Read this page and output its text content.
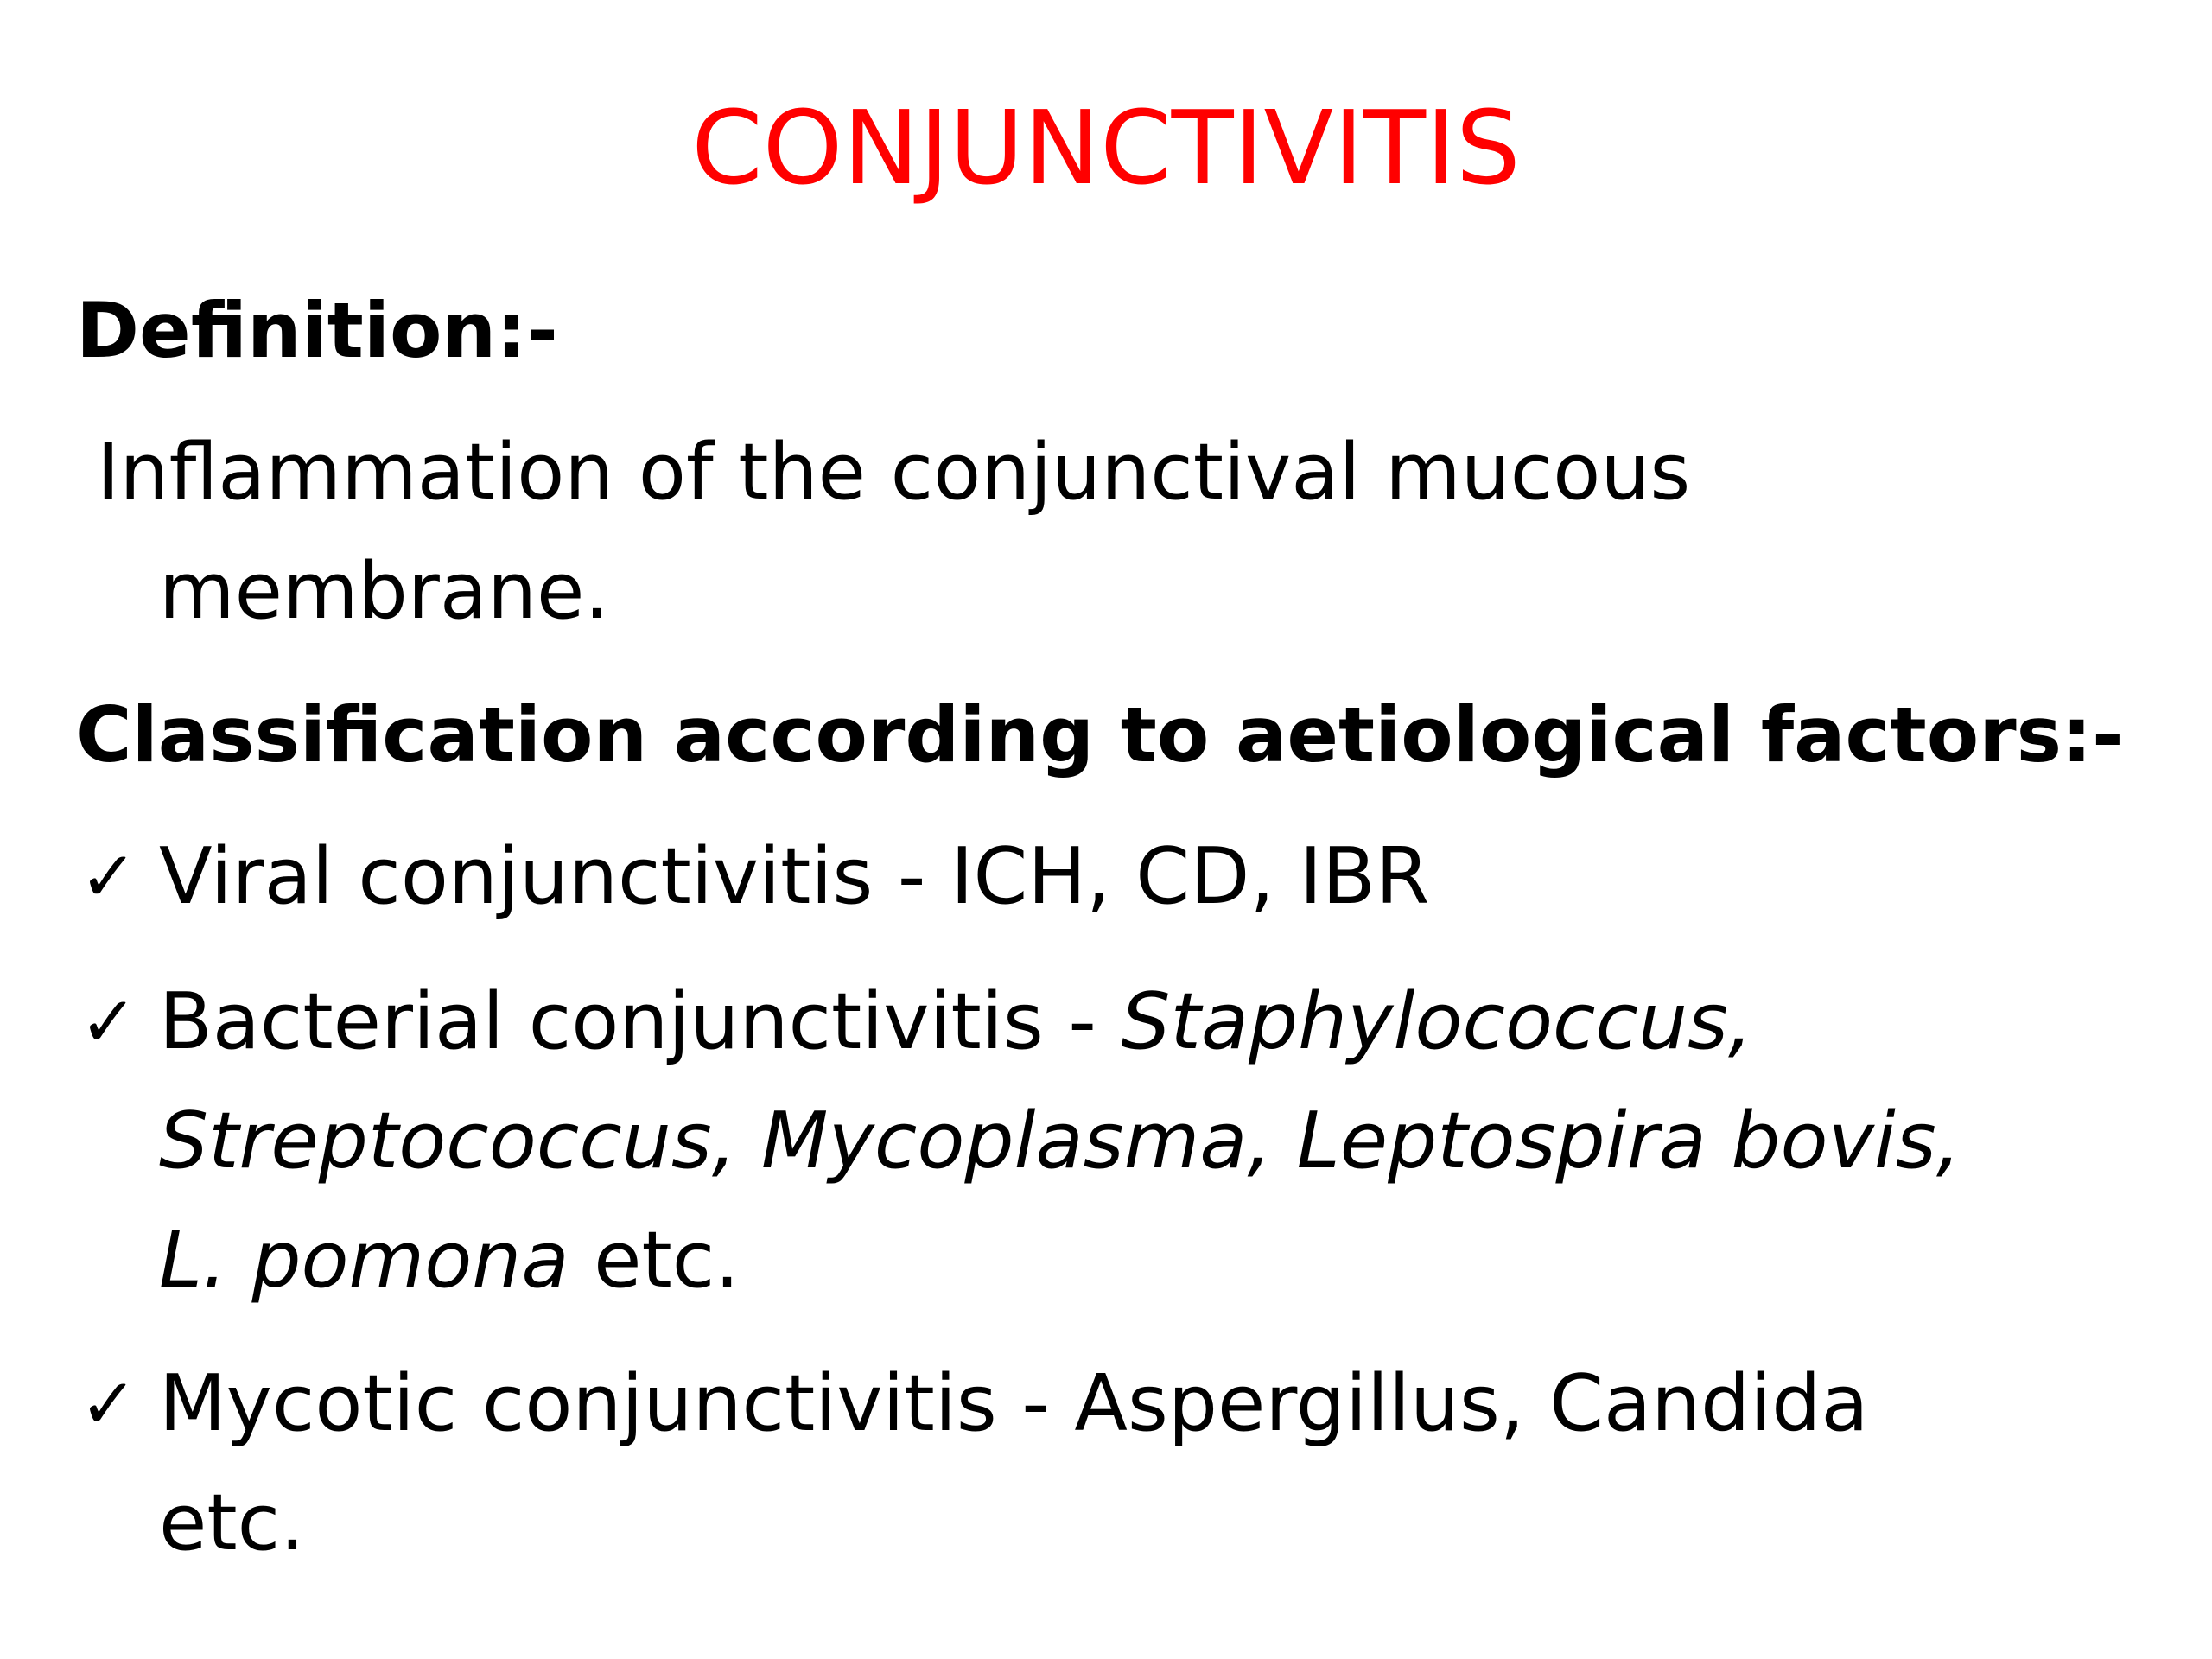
CONJUNCTIVITIS
Definition:-
Inflammation of the conjunctival mucous
membrane.
Classification according to aetiological factors:-
✓ Viral conjunctivitis - ICH, CD, IBR
✓ Bacterial conjunctivitis - Staphylococcus,
Streptococcus, Mycoplasma, Leptospira bovis,
L. pomona etc.
✓ Mycotic conjunctivitis - Aspergillus, Candida
etc.
